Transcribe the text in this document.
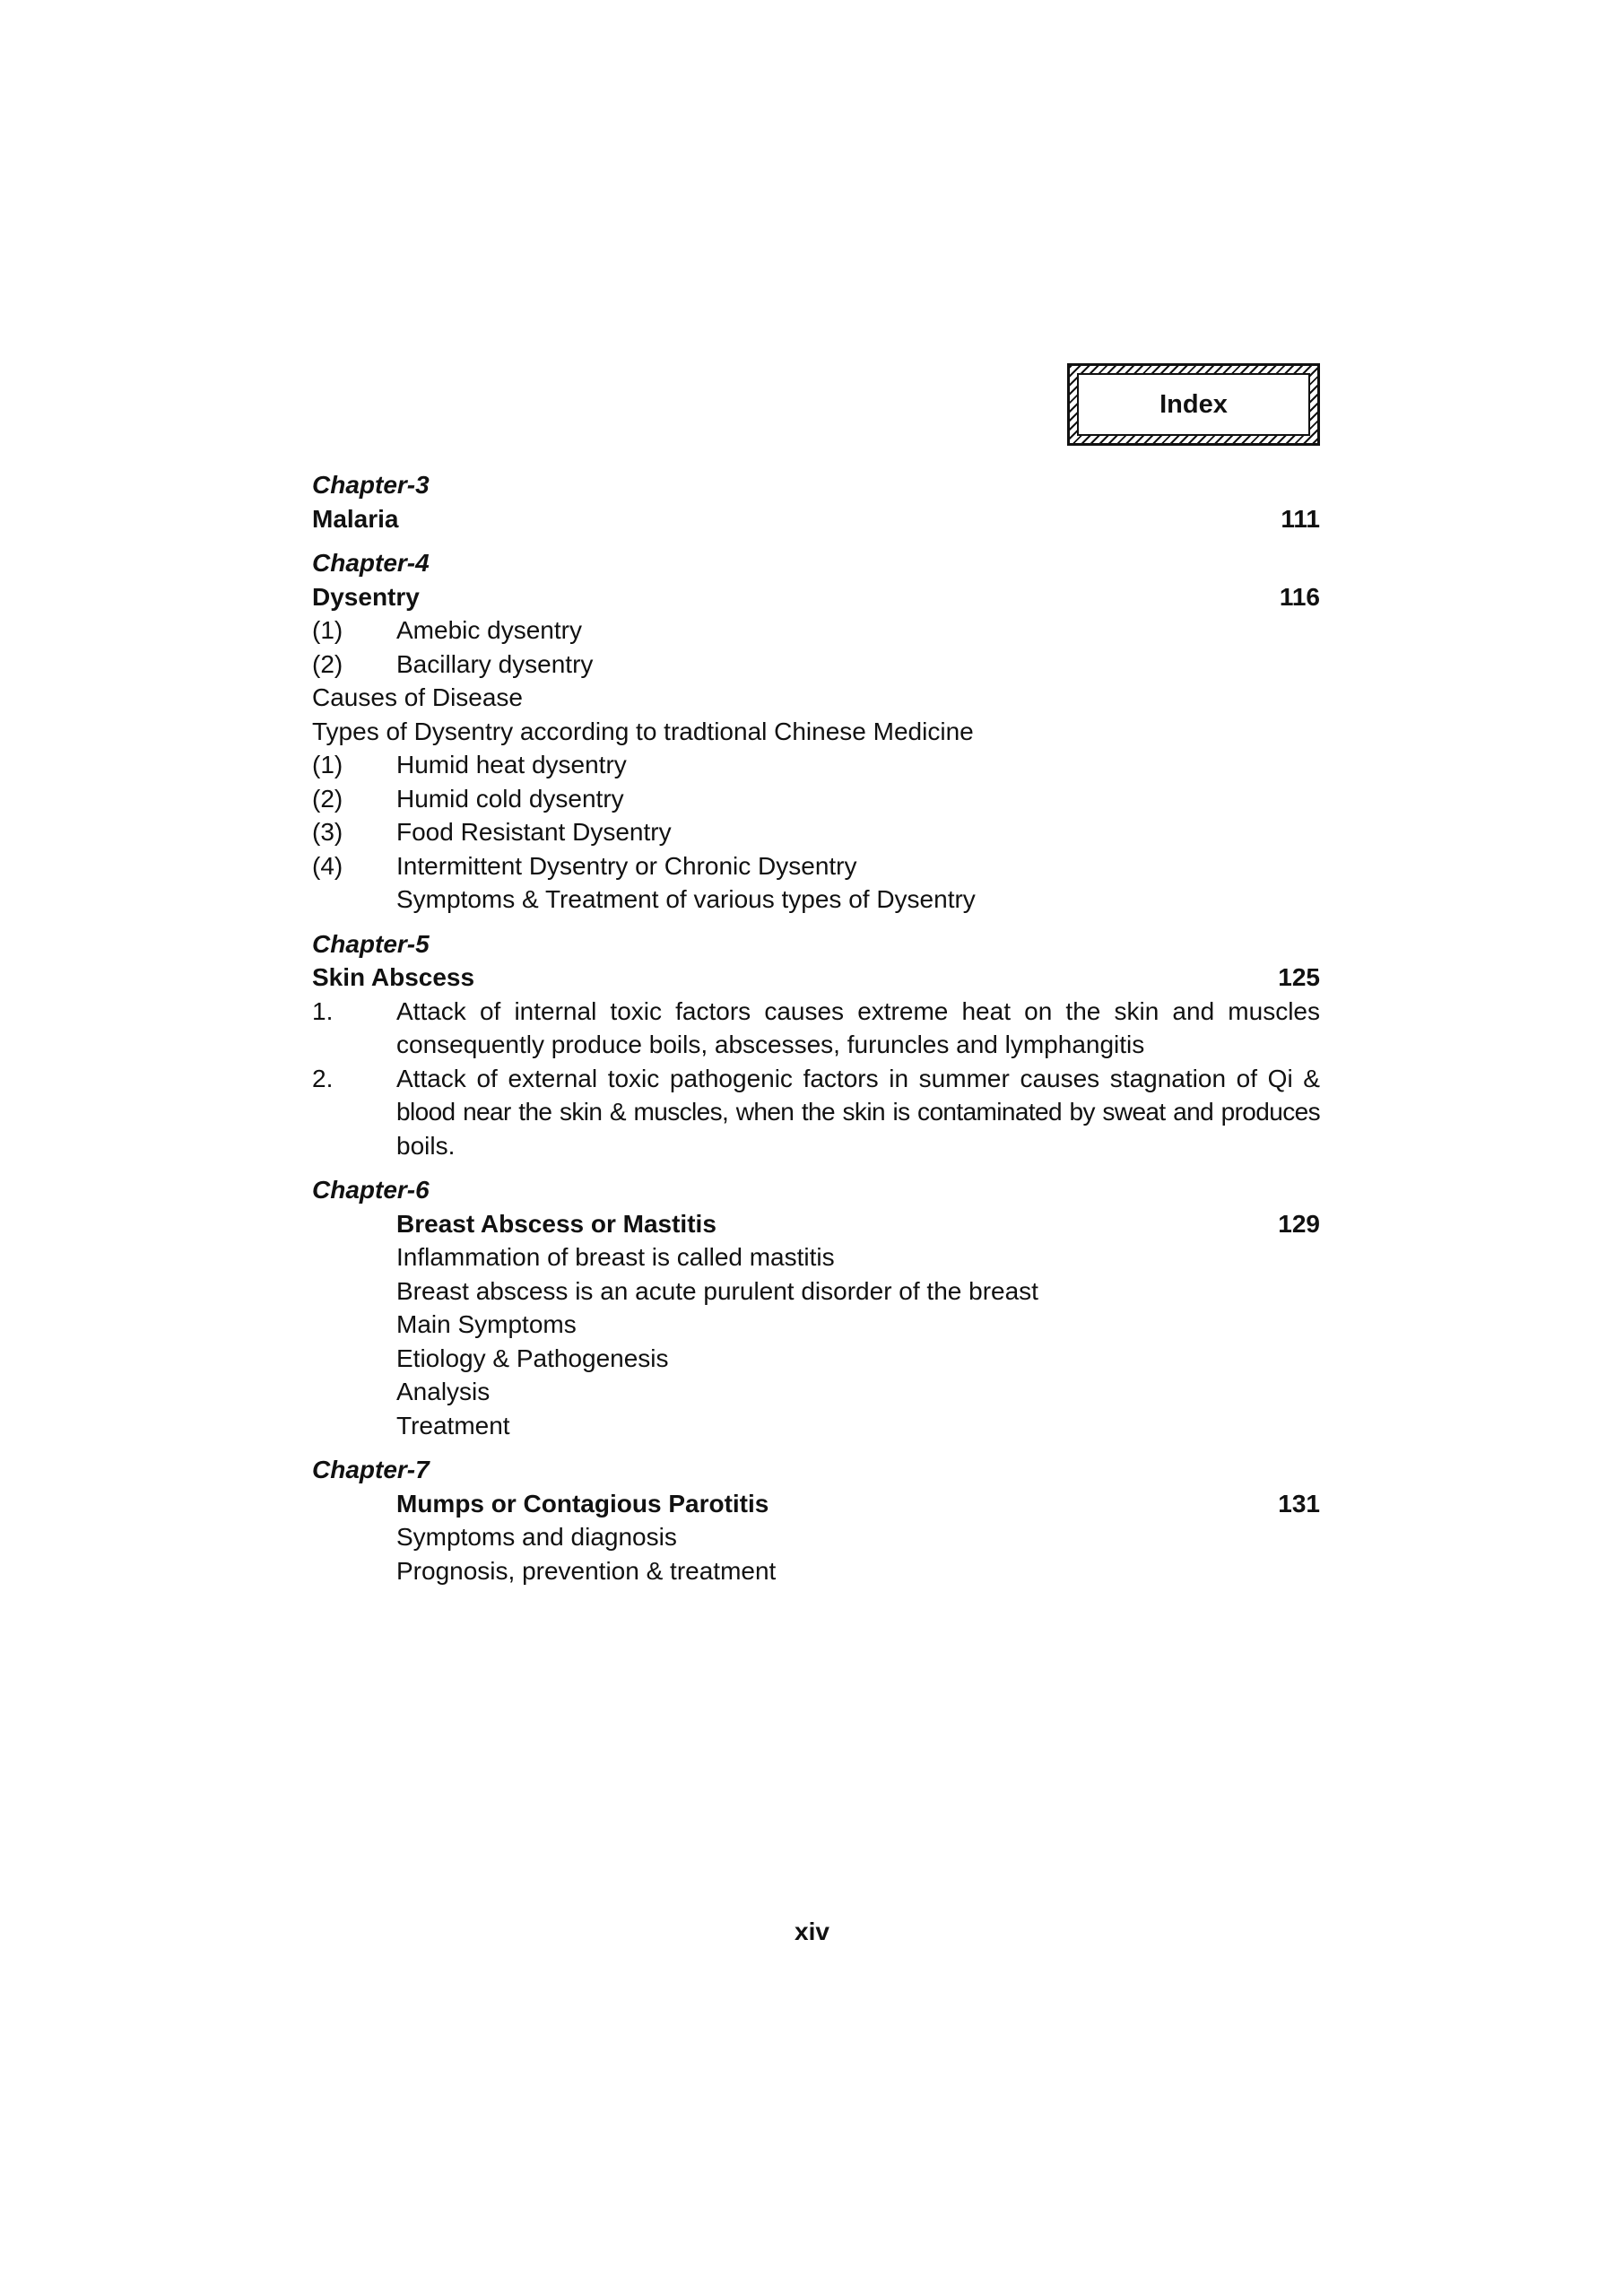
Index
Chapter-3
Malaria	111
Chapter-4
Dysentry	116
(1) Amebic dysentry
(2) Bacillary dysentry
Causes of Disease
Types of Dysentry according to tradtional Chinese Medicine
(1) Humid heat dysentry
(2) Humid cold dysentry
(3) Food Resistant Dysentry
(4) Intermittent Dysentry or Chronic Dysentry
Symptoms & Treatment of various types of Dysentry
Chapter-5
Skin Abscess	125
1.	Attack of internal toxic factors causes extreme heat on the skin and muscles
consequently produce boils, abscesses, furuncles and lymphangitis
2.	Attack of external toxic pathogenic factors in summer causes stagnation of Qi &
blood near the skin & muscles, when the skin is contaminated by sweat and produces
boils.
Chapter-6
Breast Abscess or Mastitis	129
Inflammation of breast is called mastitis
Breast abscess is an acute purulent disorder of the breast
Main Symptoms
Etiology & Pathogenesis
Analysis
Treatment
Chapter-7
Mumps or Contagious Parotitis	131
Symptoms and diagnosis
Prognosis, prevention & treatment
xiv
